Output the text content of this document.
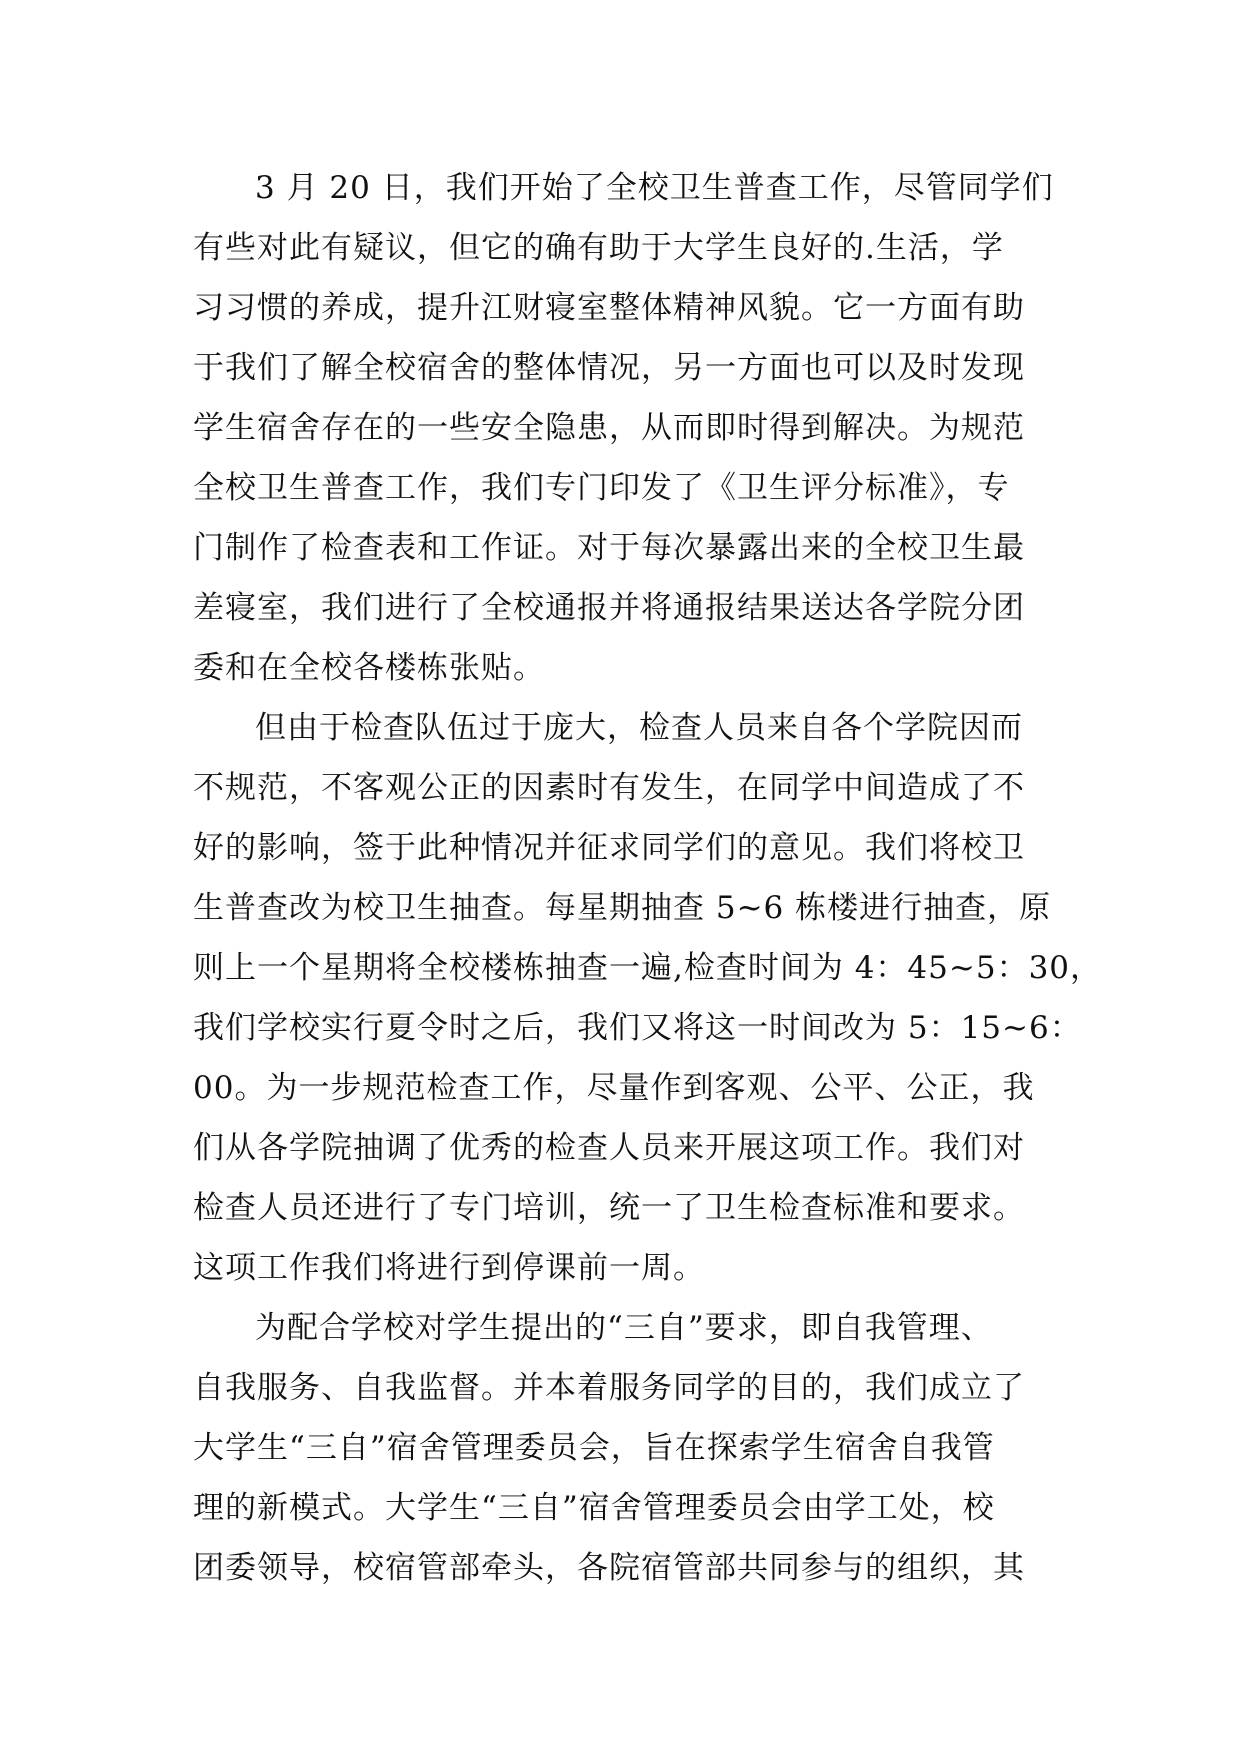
3 月 20 日，我们开始了全校卫生普查工作，尽管同学们
有些对此有疑议，但它的确有助于大学生良好的.生活，学
习习惯的养成，提升江财寝室整体精神风貌。它一方面有助
于我们了解全校宿舍的整体情况，另一方面也可以及时发现
学生宿舍存在的一些安全隐患，从而即时得到解决。为规范
全校卫生普查工作，我们专门印发了《卫生评分标准》，专
门制作了检查表和工作证。对于每次暴露出来的全校卫生最
差寝室，我们进行了全校通报并将通报结果送达各学院分团
委和在全校各楼栋张贴。
但由于检查队伍过于庞大，检查人员来自各个学院因而
不规范，不客观公正的因素时有发生，在同学中间造成了不
好的影响，签于此种情况并征求同学们的意见。我们将校卫
生普查改为校卫生抽查。每星期抽查 5~6 栋楼进行抽查，原
则上一个星期将全校楼栋抽查一遍,检查时间为 4：45~5：30，
我们学校实行夏令时之后，我们又将这一时间改为 5：15~6：
00。为一步规范检查工作，尽量作到客观、公平、公正，我
们从各学院抽调了优秀的检查人员来开展这项工作。我们对
检查人员还进行了专门培训，统一了卫生检查标准和要求。
这项工作我们将进行到停课前一周。
为配合学校对学生提出的“三自”要求，即自我管理、
自我服务、自我监督。并本着服务同学的目的，我们成立了
大学生“三自”宿舍管理委员会，旨在探索学生宿舍自我管
理的新模式。大学生“三自”宿舍管理委员会由学工处，校
团委领导，校宿管部牵头，各院宿管部共同参与的组织，其
